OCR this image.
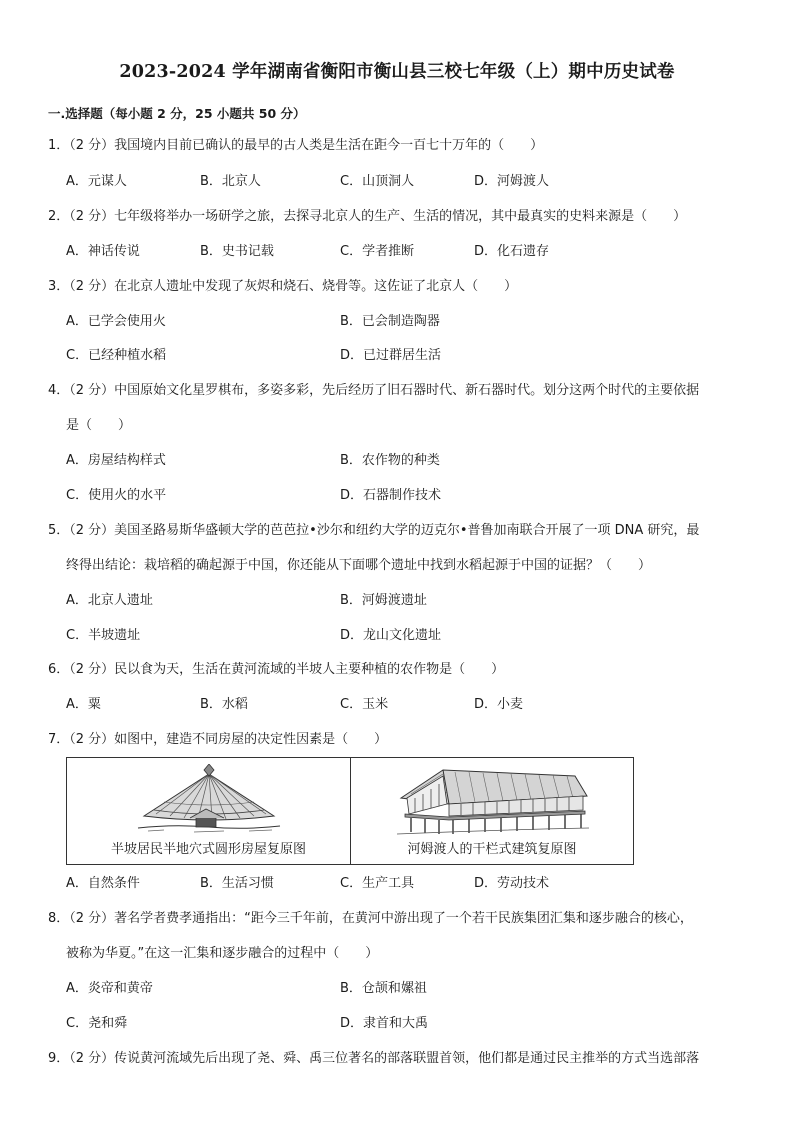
2023-2024 学年湖南省衡阳市衡山县三校七年级（上）期中历史试卷
一.选择题（每小题 2 分，25 小题共 50 分）
1．（2 分）我国境内目前已确认的最早的古人类是生活在距今一百七十万年的（　　）
A．元谋人	B．北京人	C．山顶洞人	D．河姆渡人
2．（2 分）七年级将举办一场研学之旅，去探寻北京人的生产、生活的情况，其中最真实的史料来源是（　　）
A．神话传说	B．史书记载	C．学者推断	D．化石遗存
3．（2 分）在北京人遗址中发现了灰烬和烧石、烧骨等。这佐证了北京人（　　）
A．已学会使用火	B．已会制造陶器
C．已经种植水稻	D．已过群居生活
4．（2 分）中国原始文化星罗棋布，多姿多彩，先后经历了旧石器时代、新石器时代。划分这两个时代的主要依据
是（　　）
A．房屋结构样式	B．农作物的种类
C．使用火的水平	D．石器制作技术
5．（2 分）美国圣路易斯华盛顿大学的芭芭拉•沙尔和纽约大学的迈克尔•普鲁加南联合开展了一项 DNA 研究，最
终得出结论：栽培稻的确起源于中国，你还能从下面哪个遗址中找到水稻起源于中国的证据？（　　）
A．北京人遗址	B．河姆渡遗址
C．半坡遗址	D．龙山文化遗址
6．（2 分）民以食为天，生活在黄河流域的半坡人主要种植的农作物是（　　）
A．粟	B．水稻	C．玉米	D．小麦
7．（2 分）如图中，建造不同房屋的决定性因素是（　　）
半坡居民半地穴式圆形房屋复原图	河姆渡人的干栏式建筑复原图
A．自然条件	B．生活习惯	C．生产工具	D．劳动技术
8．（2 分）著名学者费孝通指出：“距今三千年前，在黄河中游出现了一个若干民族集团汇集和逐步融合的核心，
被称为华夏。”在这一汇集和逐步融合的过程中（　　）
A．炎帝和黄帝	B．仓颉和嫘祖
C．尧和舜	D．隶首和大禹
9．（2 分）传说黄河流域先后出现了尧、舜、禹三位著名的部落联盟首领，他们都是通过民主推举的方式当选部落
